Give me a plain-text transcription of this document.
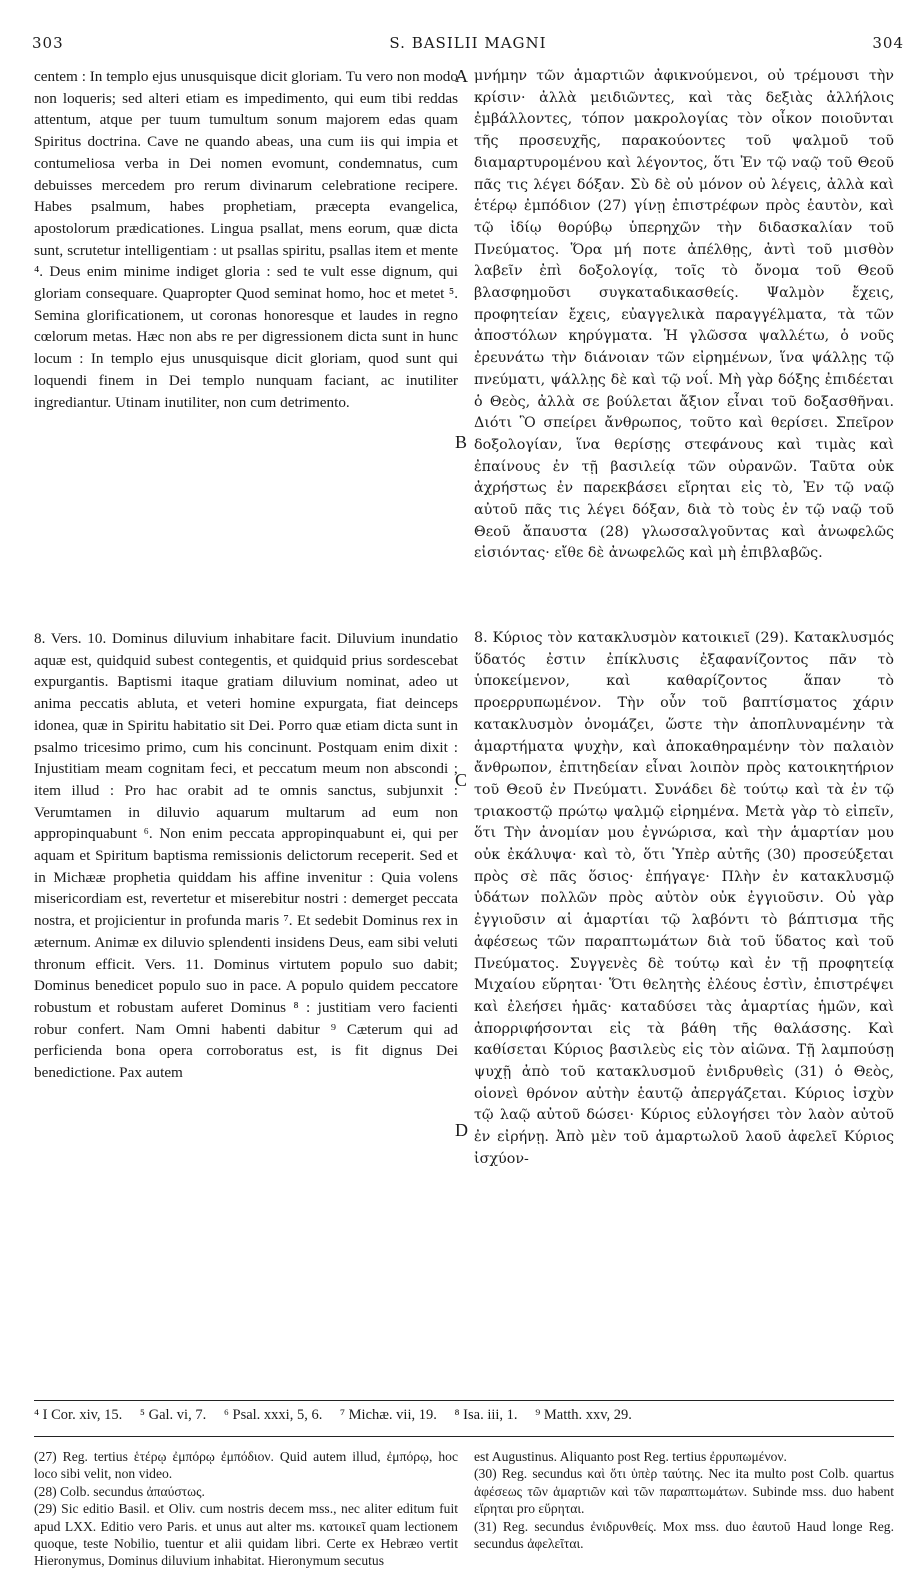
303	S. BASILII MAGNI	304

centem : In templo ejus unusquisque dicit gloriam. Tu vero non modo non loqueris; sed alteri etiam es impedimento, qui eum tibi reddas attentum, atque per tuum tumultum sonum majorem edas quam Spiritus doctrina. Cave ne quando abeas, una cum iis qui impia et contumeliosa verba in Dei nomen evomunt, condemnatus, cum debuisses mercedem pro rerum divinarum celebratione recipere. Habes psalmum, habes prophetiam, præcepta evangelica, apostolorum prædicationes. Lingua psallat, mens eorum, quæ dicta sunt, scrutetur intelligentiam : ut psallas spiritu, psallas item et mente ⁴. Deus enim minime indiget gloria : sed te vult esse dignum, qui gloriam consequare. Quapropter Quod seminat homo, hoc et metet ⁵. Semina glorificationem, ut coronas honoresque et laudes in regno cœlorum metas. Hæc non abs re per digressionem dicta sunt in hunc locum : In templo ejus unusquisque dicit gloriam, quod sunt qui loquendi finem in Dei templo nunquam faciant, ac inutiliter ingrediantur. Utinam inutiliter, non cum detrimento.

8. Vers. 10. Dominus diluvium inhabitare facit. Diluvium inundatio aquæ est, quidquid subest contegentis, et quidquid prius sordescebat expurgantis. Baptismi itaque gratiam diluvium nominat, adeo ut anima peccatis abluta, et veteri homine expurgata, fiat deinceps idonea, quæ in Spiritu habitatio sit Dei. Porro quæ etiam dicta sunt in psalmo tricesimo primo, cum his concinunt. Postquam enim dixit : Injustitiam meam cognitam feci, et peccatum meum non abscondi ; item illud : Pro hac orabit ad te omnis sanctus, subjunxit : Verumtamen in diluvio aquarum multarum ad eum non appropinquabunt ⁶. Non enim peccata appropinquabunt ei, qui per aquam et Spiritum baptisma remissionis delictorum receperit. Sed et in Michææ prophetia quiddam his affine invenitur : Quia volens misericordiam est, revertetur et miserebitur nostri : demerget peccata nostra, et projicientur in profunda maris ⁷. Et sedebit Dominus rex in æternum. Animæ ex diluvio splendenti insidens Deus, eam sibi veluti thronum efficit. Vers. 11. Dominus virtutem populo suo dabit; Dominus benedicet populo suo in pace. A populo quidem peccatore robustum et robustam auferet Dominus ⁸ : justitiam vero facienti robur confert. Nam Omni habenti dabitur ⁹ Cæterum qui ad perficienda bona opera corroboratus est, is fit dignus Dei benedictione. Pax autem

μνήμην τῶν ἁμαρτιῶν ἀφικνούμενοι, οὐ τρέμουσι τὴν κρίσιν· ἀλλὰ μειδιῶντες, καὶ τὰς δεξιὰς ἀλλήλοις ἐμβάλλοντες, τόπον μακρολογίας τὸν οἶκον ποιοῦνται τῆς προσευχῆς, παρακούοντες τοῦ ψαλμοῦ τοῦ διαμαρτυρομένου καὶ λέγοντος, ὅτι Ἐν τῷ ναῷ τοῦ Θεοῦ πᾶς τις λέγει δόξαν. Σὺ δὲ οὐ μόνον οὐ λέγεις, ἀλλὰ καὶ ἑτέρῳ ἐμπόδιον (27) γίνῃ ἐπιστρέφων πρὸς ἑαυτὸν, καὶ τῷ ἰδίῳ θορύβῳ ὑπερηχῶν τὴν διδασκαλίαν τοῦ Πνεύματος. Ὅρα μή ποτε ἀπέλθῃς, ἀντὶ τοῦ μισθὸν λαβεῖν ἐπὶ δοξολογίᾳ, τοῖς τὸ ὄνομα τοῦ Θεοῦ βλασφημοῦσι συγκαταδικασθείς. Ψαλμὸν ἔχεις, προφητείαν ἔχεις, εὐαγγελικὰ παραγγέλματα, τὰ τῶν ἀποστόλων κηρύγματα. Ἡ γλῶσσα ψαλλέτω, ὁ νοῦς ἐρευνάτω τὴν διάνοιαν τῶν εἰρημένων, ἵνα ψάλλῃς τῷ πνεύματι, ψάλλῃς δὲ καὶ τῷ νοΐ. Μὴ γὰρ δόξης ἐπιδέεται ὁ Θεὸς, ἀλλὰ σε βούλεται ἄξιον εἶναι τοῦ δοξασθῆναι. Διότι Ὃ σπείρει ἄνθρωπος, τοῦτο καὶ θερίσει. Σπεῖρον δοξολογίαν, ἵνα θερίσῃς στεφάνους καὶ τιμὰς καὶ ἐπαίνους ἐν τῇ βασιλείᾳ τῶν οὐρανῶν. Ταῦτα οὐκ ἀχρήστως ἐν παρεκβάσει εἴρηται εἰς τὸ, Ἐν τῷ ναῷ αὐτοῦ πᾶς τις λέγει δόξαν, διὰ τὸ τοὺς ἐν τῷ ναῷ τοῦ Θεοῦ ἄπαυστα (28) γλωσσαλγοῦντας καὶ ἀνωφελῶς εἰσιόντας· εἴθε δὲ ἀνωφελῶς καὶ μὴ ἐπιβλαβῶς.

8. Κύριος τὸν κατακλυσμὸν κατοικιεῖ (29). Κατακλυσμός ὕδατός ἐστιν ἐπίκλυσις ἐξαφανίζοντος πᾶν τὸ ὑποκείμενον, καὶ καθαρίζοντος ἅπαν τὸ προερρυπωμένον. Τὴν οὖν τοῦ βαπτίσματος χάριν κατακλυσμὸν ὀνομάζει, ὥστε τὴν ἀποπλυναμένην τὰ ἁμαρτήματα ψυχὴν, καὶ ἀποκαθηραμένην τὸν παλαιὸν ἄνθρωπον, ἐπιτηδείαν εἶναι λοιπὸν πρὸς κατοικητήριον τοῦ Θεοῦ ἐν Πνεύματι. Συνάδει δὲ τούτῳ καὶ τὰ ἐν τῷ τριακοστῷ πρώτῳ ψαλμῷ εἰρημένα. Μετὰ γὰρ τὸ εἰπεῖν, ὅτι Τὴν ἀνομίαν μου ἐγνώρισα, καὶ τὴν ἁμαρτίαν μου οὐκ ἐκάλυψα· καὶ τὸ, ὅτι Ὑπὲρ αὐτῆς (30) προσεύξεται πρὸς σὲ πᾶς ὅσιος· ἐπήγαγε· Πλὴν ἐν κατακλυσμῷ ὑδάτων πολλῶν πρὸς αὐτὸν οὐκ ἐγγιοῦσιν. Οὐ γὰρ ἐγγιοῦσιν αἱ ἁμαρτίαι τῷ λαβόντι τὸ βάπτισμα τῆς ἀφέσεως τῶν παραπτωμάτων διὰ τοῦ ὕδατος καὶ τοῦ Πνεύματος. Συγγενὲς δὲ τούτῳ καὶ ἐν τῇ προφητείᾳ Μιχαίου εὕρηται· Ὅτι θελητὴς ἐλέους ἐστὶν, ἐπιστρέψει καὶ ἐλεήσει ἡμᾶς· καταδύσει τὰς ἁμαρτίας ἡμῶν, καὶ ἀπορριφήσονται εἰς τὰ βάθη τῆς θαλάσσης. Καὶ καθίσεται Κύριος βασιλεὺς εἰς τὸν αἰῶνα. Τῇ λαμπούσῃ ψυχῇ ἀπὸ τοῦ κατακλυσμοῦ ἐνιδρυθεὶς (31) ὁ Θεὸς, οἱονεὶ θρόνον αὐτὴν ἑαυτῷ ἀπεργάζεται. Κύριος ἰσχὺν τῷ λαῷ αὐτοῦ δώσει· Κύριος εὐλογήσει τὸν λαὸν αὐτοῦ ἐν εἰρήνῃ. Ἀπὸ μὲν τοῦ ἁμαρτωλοῦ λαοῦ ἀφελεῖ Κύριος ἰσχύον-

A
B
C
D
⁴ I Cor. xiv, 15. ⁵ Gal. vi, 7. ⁶ Psal. xxxi, 5, 6. ⁷ Michæ. vii, 19. ⁸ Isa. iii, 1. ⁹ Matth. xxv, 29.

(27) Reg. tertius ἑτέρῳ ἐμπόρῳ ἐμπόδιον. Quid autem illud, ἐμπόρῳ, hoc loco sibi velit, non video.

(28) Colb. secundus ἀπαύστως.

(29) Sic editio Basil. et Oliv. cum nostris decem mss., nec aliter editum fuit apud LXX. Editio vero Paris. et unus aut alter ms. κατοικεῖ quam lectionem quoque, teste Nobilio, tuentur et alii quidam libri. Certe ex Hebræo vertit Hieronymus, Dominus diluvium inhabitat. Hieronymum secutus

est Augustinus. Aliquanto post Reg. tertius ἐρρυπωμένον.

(30) Reg. secundus καὶ ὅτι ὑπὲρ ταύτης. Nec ita multo post Colb. quartus ἀφέσεως τῶν ἁμαρτιῶν καὶ τῶν παραπτωμάτων. Subinde mss. duo habent εἴρηται pro εὕρηται.

(31) Reg. secundus ἐνιδρυνθείς. Mox mss. duo ἑαυτοῦ Haud longe Reg. secundus ἀφελεῖται.
